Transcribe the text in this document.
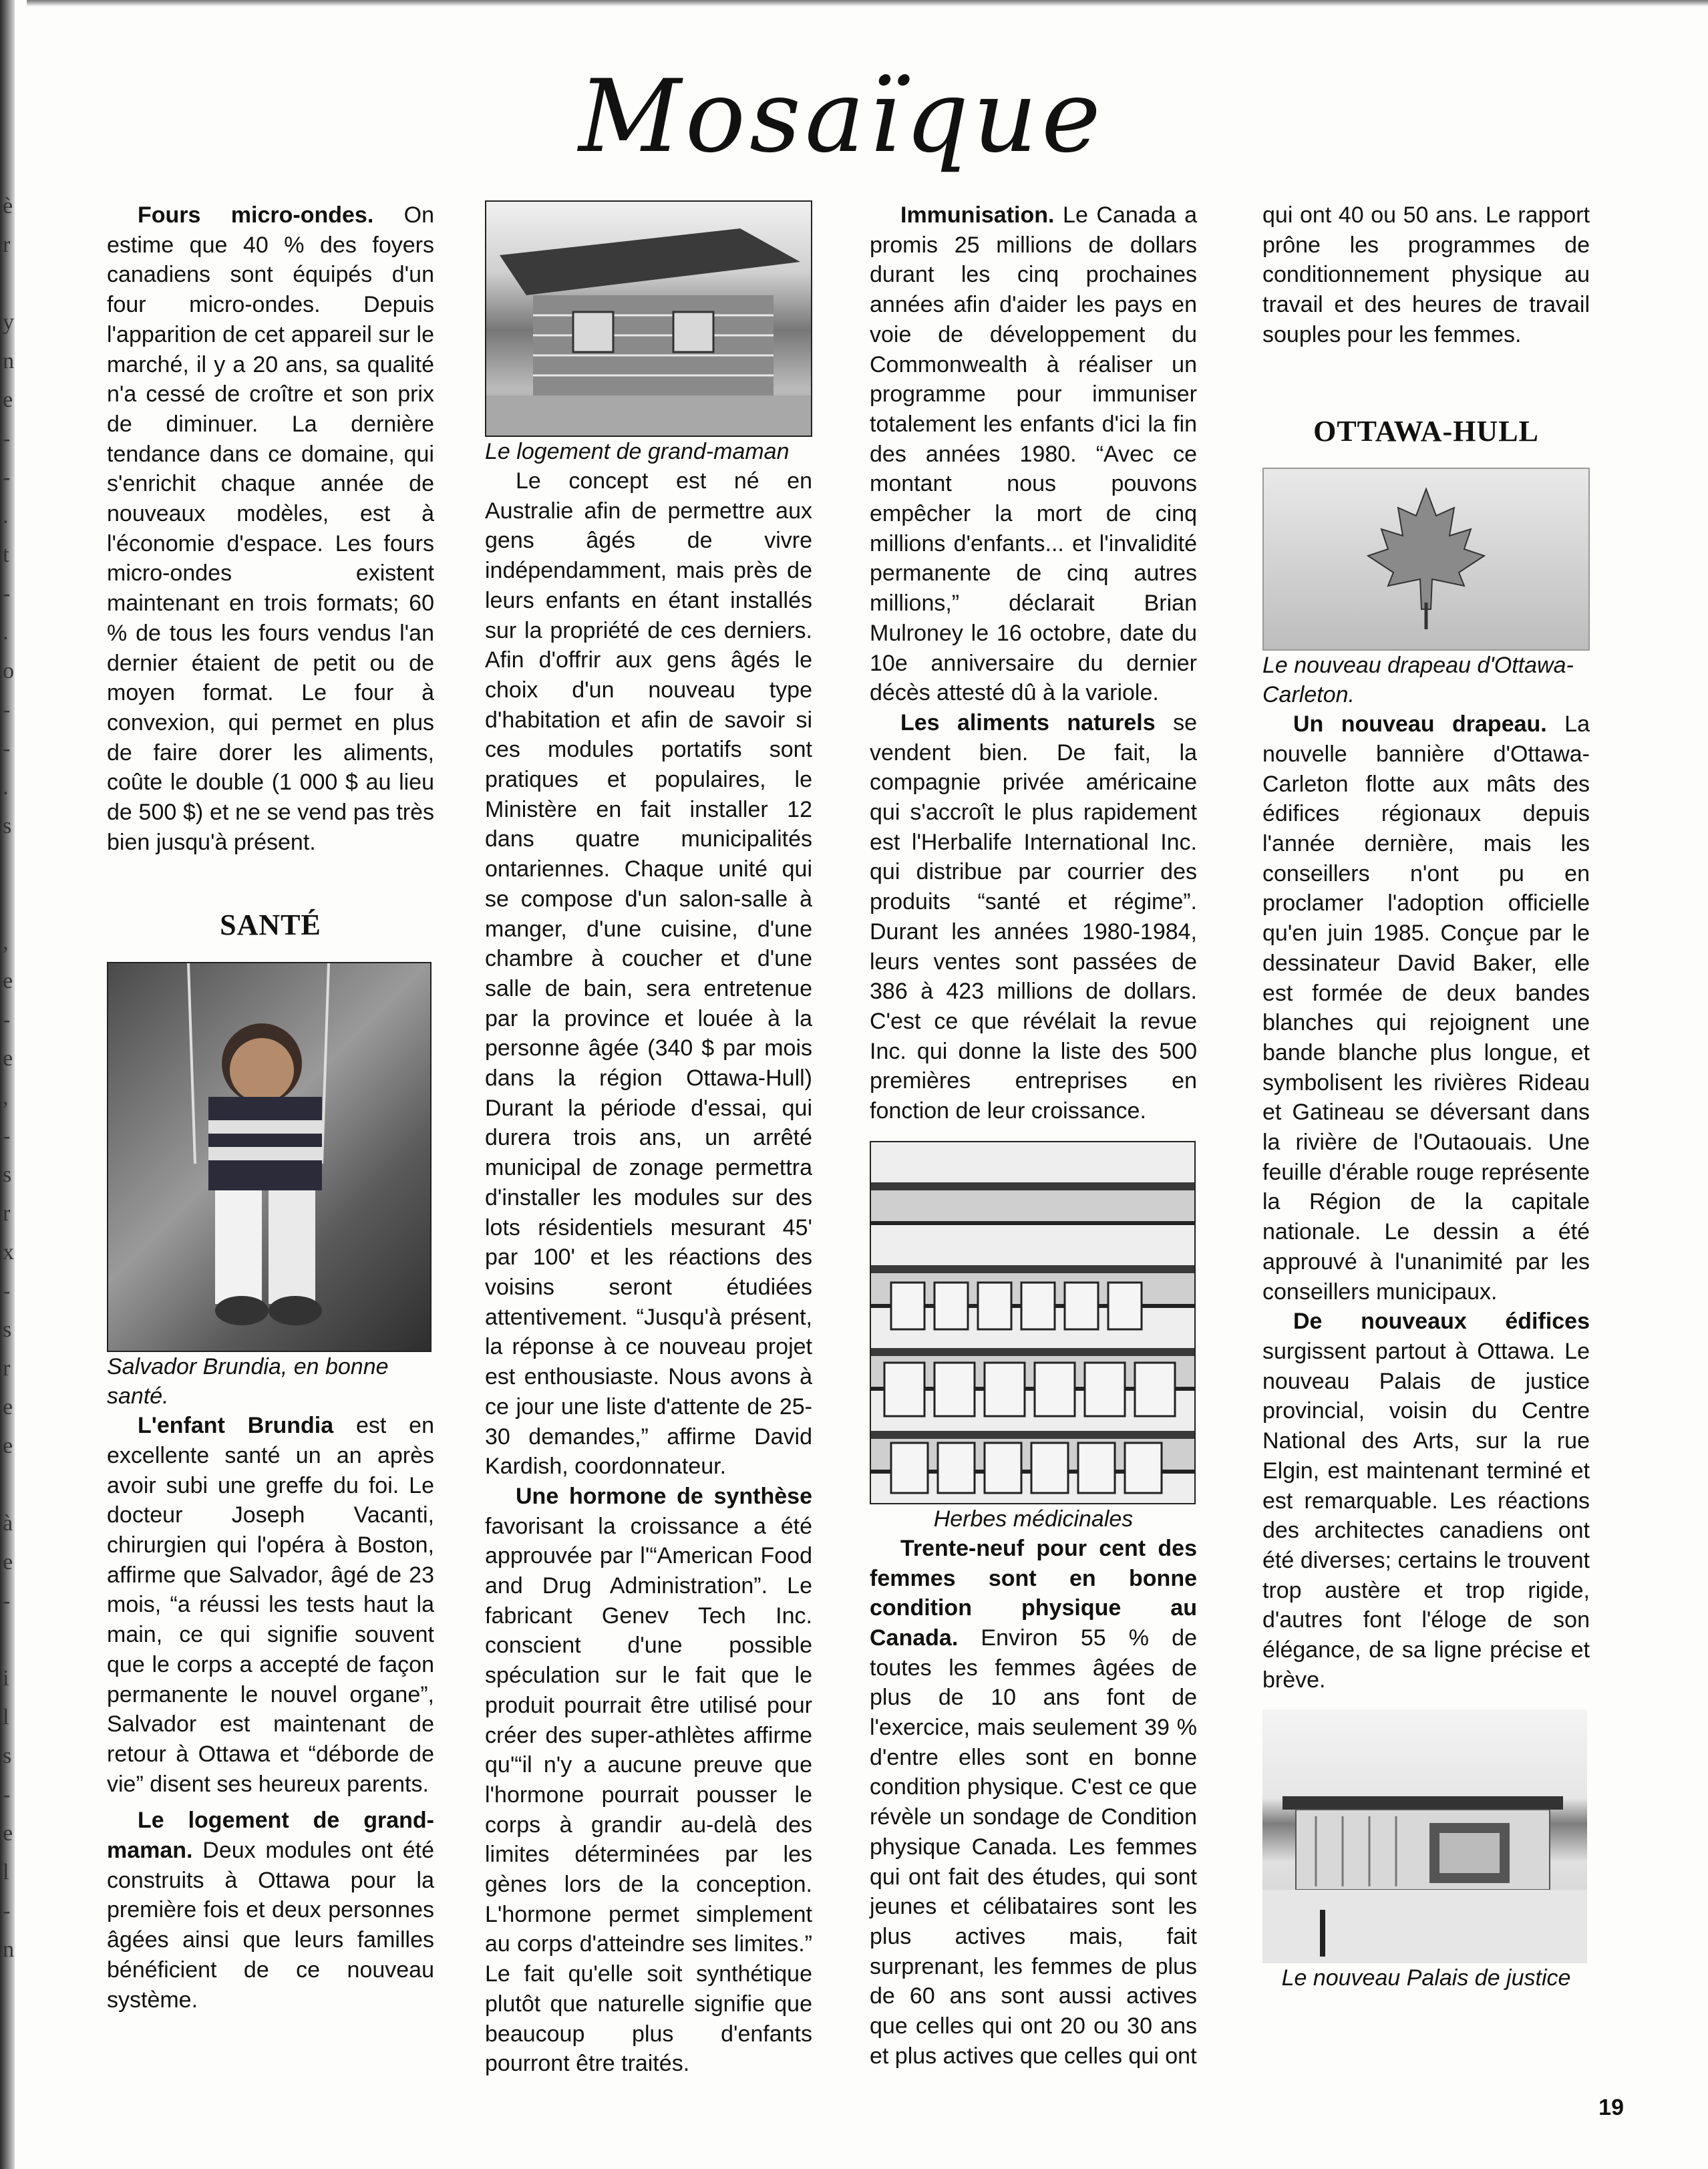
è
r
y
n
e
-
-
.
t
-
.
o
-
-
.
s
,
e
-
e
,
-
s
r
x
-
s
r
e
e
à
e
-
i
l
s
-
e
l
-
n
Mosaïque

Fours micro-ondes. On estime que 40 % des foyers canadiens sont équipés d'un four micro-ondes. Depuis l'apparition de cet appareil sur le marché, il y a 20 ans, sa qualité n'a cessé de croître et son prix de diminuer. La dernière tendance dans ce domaine, qui s'enrichit chaque année de nouveaux modèles, est à l'économie d'espace. Les fours micro-ondes existent maintenant en trois formats; 60 % de tous les fours vendus l'an dernier étaient de petit ou de moyen format. Le four à convexion, qui permet en plus de faire dorer les aliments, coûte le double (1 000 $ au lieu de 500 $) et ne se vend pas très bien jusqu'à présent.

SANTÉ

Salvador Brundia, en bonne santé.

L'enfant Brundia est en excellente santé un an après avoir subi une greffe du foi. Le docteur Joseph Vacanti, chirurgien qui l'opéra à Boston, affirme que Salvador, âgé de 23 mois, “a réussi les tests haut la main, ce qui signifie souvent que le corps a accepté de façon permanente le nouvel organe”, Salvador est maintenant de retour à Ottawa et “déborde de vie” disent ses heureux parents.

Le logement de grand-maman. Deux modules ont été construits à Ottawa pour la première fois et deux personnes âgées ainsi que leurs familles bénéficient de ce nouveau système.

Le logement de grand-maman

Le concept est né en Australie afin de permettre aux gens âgés de vivre indépendamment, mais près de leurs enfants en étant installés sur la propriété de ces derniers. Afin d'offrir aux gens âgés le choix d'un nouveau type d'habitation et afin de savoir si ces modules portatifs sont pratiques et populaires, le Ministère en fait installer 12 dans quatre municipalités ontariennes. Chaque unité qui se compose d'un salon-salle à manger, d'une cuisine, d'une chambre à coucher et d'une salle de bain, sera entretenue par la province et louée à la personne âgée (340 $ par mois dans la région Ottawa-Hull) Durant la période d'essai, qui durera trois ans, un arrêté municipal de zonage permettra d'installer les modules sur des lots résidentiels mesurant 45' par 100' et les réactions des voisins seront étudiées attentivement. “Jusqu'à présent, la réponse à ce nouveau projet est enthousiaste. Nous avons à ce jour une liste d'attente de 25-30 demandes,” affirme David Kardish, coordonnateur.

Une hormone de synthèse favorisant la croissance a été approuvée par l'“American Food and Drug Administration”. Le fabricant Genev Tech Inc. conscient d'une possible spéculation sur le fait que le produit pourrait être utilisé pour créer des super-athlètes affirme qu'“il n'y a aucune preuve que l'hormone pourrait pousser le corps à grandir au-delà des limites déterminées par les gènes lors de la conception. L'hormone permet simplement au corps d'atteindre ses limites.” Le fait qu'elle soit synthétique plutôt que naturelle signifie que beaucoup plus d'enfants pourront être traités.

Immunisation. Le Canada a promis 25 millions de dollars durant les cinq prochaines années afin d'aider les pays en voie de développement du Commonwealth à réaliser un programme pour immuniser totalement les enfants d'ici la fin des années 1980. “Avec ce montant nous pouvons empêcher la mort de cinq millions d'enfants... et l'invalidité permanente de cinq autres millions,” déclarait Brian Mulroney le 16 octobre, date du 10e anniversaire du dernier décès attesté dû à la variole.

Les aliments naturels se vendent bien. De fait, la compagnie privée américaine qui s'accroît le plus rapidement est l'Herbalife International Inc. qui distribue par courrier des produits “santé et régime”. Durant les années 1980-1984, leurs ventes sont passées de 386 à 423 millions de dollars. C'est ce que révélait la revue Inc. qui donne la liste des 500 premières entreprises en fonction de leur croissance.

Herbes médicinales

Trente-neuf pour cent des femmes sont en bonne condition physique au Canada. Environ 55 % de toutes les femmes âgées de plus de 10 ans font de l'exercice, mais seulement 39 % d'entre elles sont en bonne condition physique. C'est ce que révèle un sondage de Condition physique Canada. Les femmes qui ont fait des études, qui sont jeunes et célibataires sont les plus actives mais, fait surprenant, les femmes de plus de 60 ans sont aussi actives que celles qui ont 20 ou 30 ans et plus actives que celles qui ont

qui ont 40 ou 50 ans. Le rapport prône les programmes de conditionnement physique au travail et des heures de travail souples pour les femmes.

OTTAWA-HULL

Le nouveau drapeau d'Ottawa-Carleton.

Un nouveau drapeau. La nouvelle bannière d'Ottawa-Carleton flotte aux mâts des édifices régionaux depuis l'année dernière, mais les conseillers n'ont pu en proclamer l'adoption officielle qu'en juin 1985. Conçue par le dessinateur David Baker, elle est formée de deux bandes blanches qui rejoignent une bande blanche plus longue, et symbolisent les rivières Rideau et Gatineau se déversant dans la rivière de l'Outaouais. Une feuille d'érable rouge représente la Région de la capitale nationale. Le dessin a été approuvé à l'unanimité par les conseillers municipaux.

De nouveaux édifices surgissent partout à Ottawa. Le nouveau Palais de justice provincial, voisin du Centre National des Arts, sur la rue Elgin, est maintenant terminé et est remarquable. Les réactions des architectes canadiens ont été diverses; certains le trouvent trop austère et trop rigide, d'autres font l'éloge de son élégance, de sa ligne précise et brève.

Le nouveau Palais de justice

19
